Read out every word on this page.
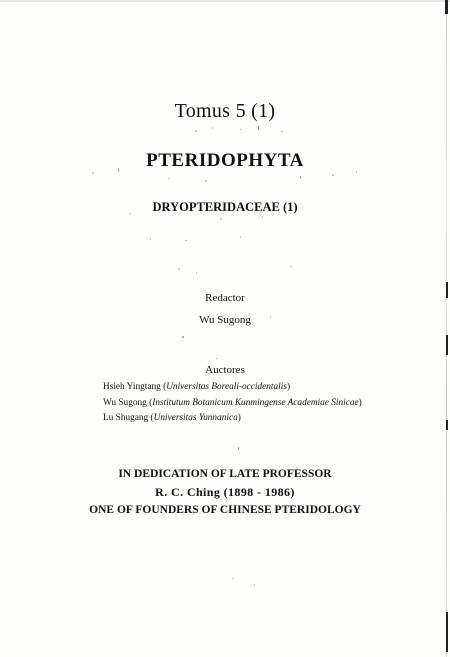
Tomus 5 (1)
PTERIDOPHYTA
DRYOPTERIDACEAE (1)
Redactor
Wu Sugong
Auctores
Hsieh Yingtang (Universitas Boreali-occidentalis)
Wu Sugong (Institutum Botanicum Kunmingense Academiae Sinicae)
Lu Shugang (Universitas Yunnanica)
IN DEDICATION OF LATE PROFESSOR
R. C. Ching (1898 - 1986)
ONE OF FOUNDERS OF CHINESE PTERIDOLOGY
